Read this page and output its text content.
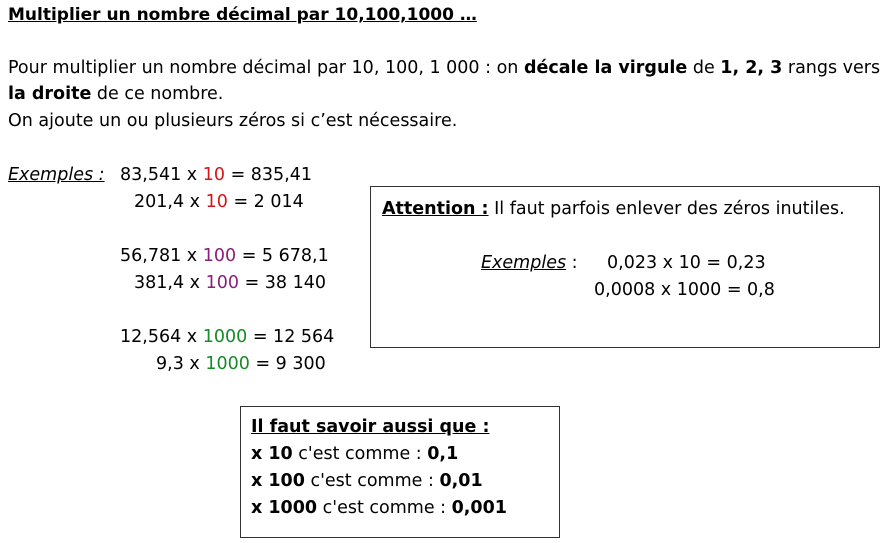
Multiplier un nombre décimal par 10,100,1000 …
Pour multiplier un nombre décimal par 10, 100, 1 000 : on décale la virgule de 1, 2, 3 rangs vers
la droite de ce nombre.
On ajoute un ou plusieurs zéros si c’est nécessaire.
Exemples : 83,541 x 10 = 835,41
201,4 x 10 = 2 014
56,781 x 100 = 5 678,1
381,4 x 100 = 38 140
12,564 x 1000 = 12 564
9,3 x 1000 = 9 300
Attention : Il faut parfois enlever des zéros inutiles.
Exemples : 0,023 x 10 = 0,23
0,0008 x 1000 = 0,8
Il faut savoir aussi que :
x 10 c'est comme : 0,1
x 100 c'est comme : 0,01
x 1000 c'est comme : 0,001
